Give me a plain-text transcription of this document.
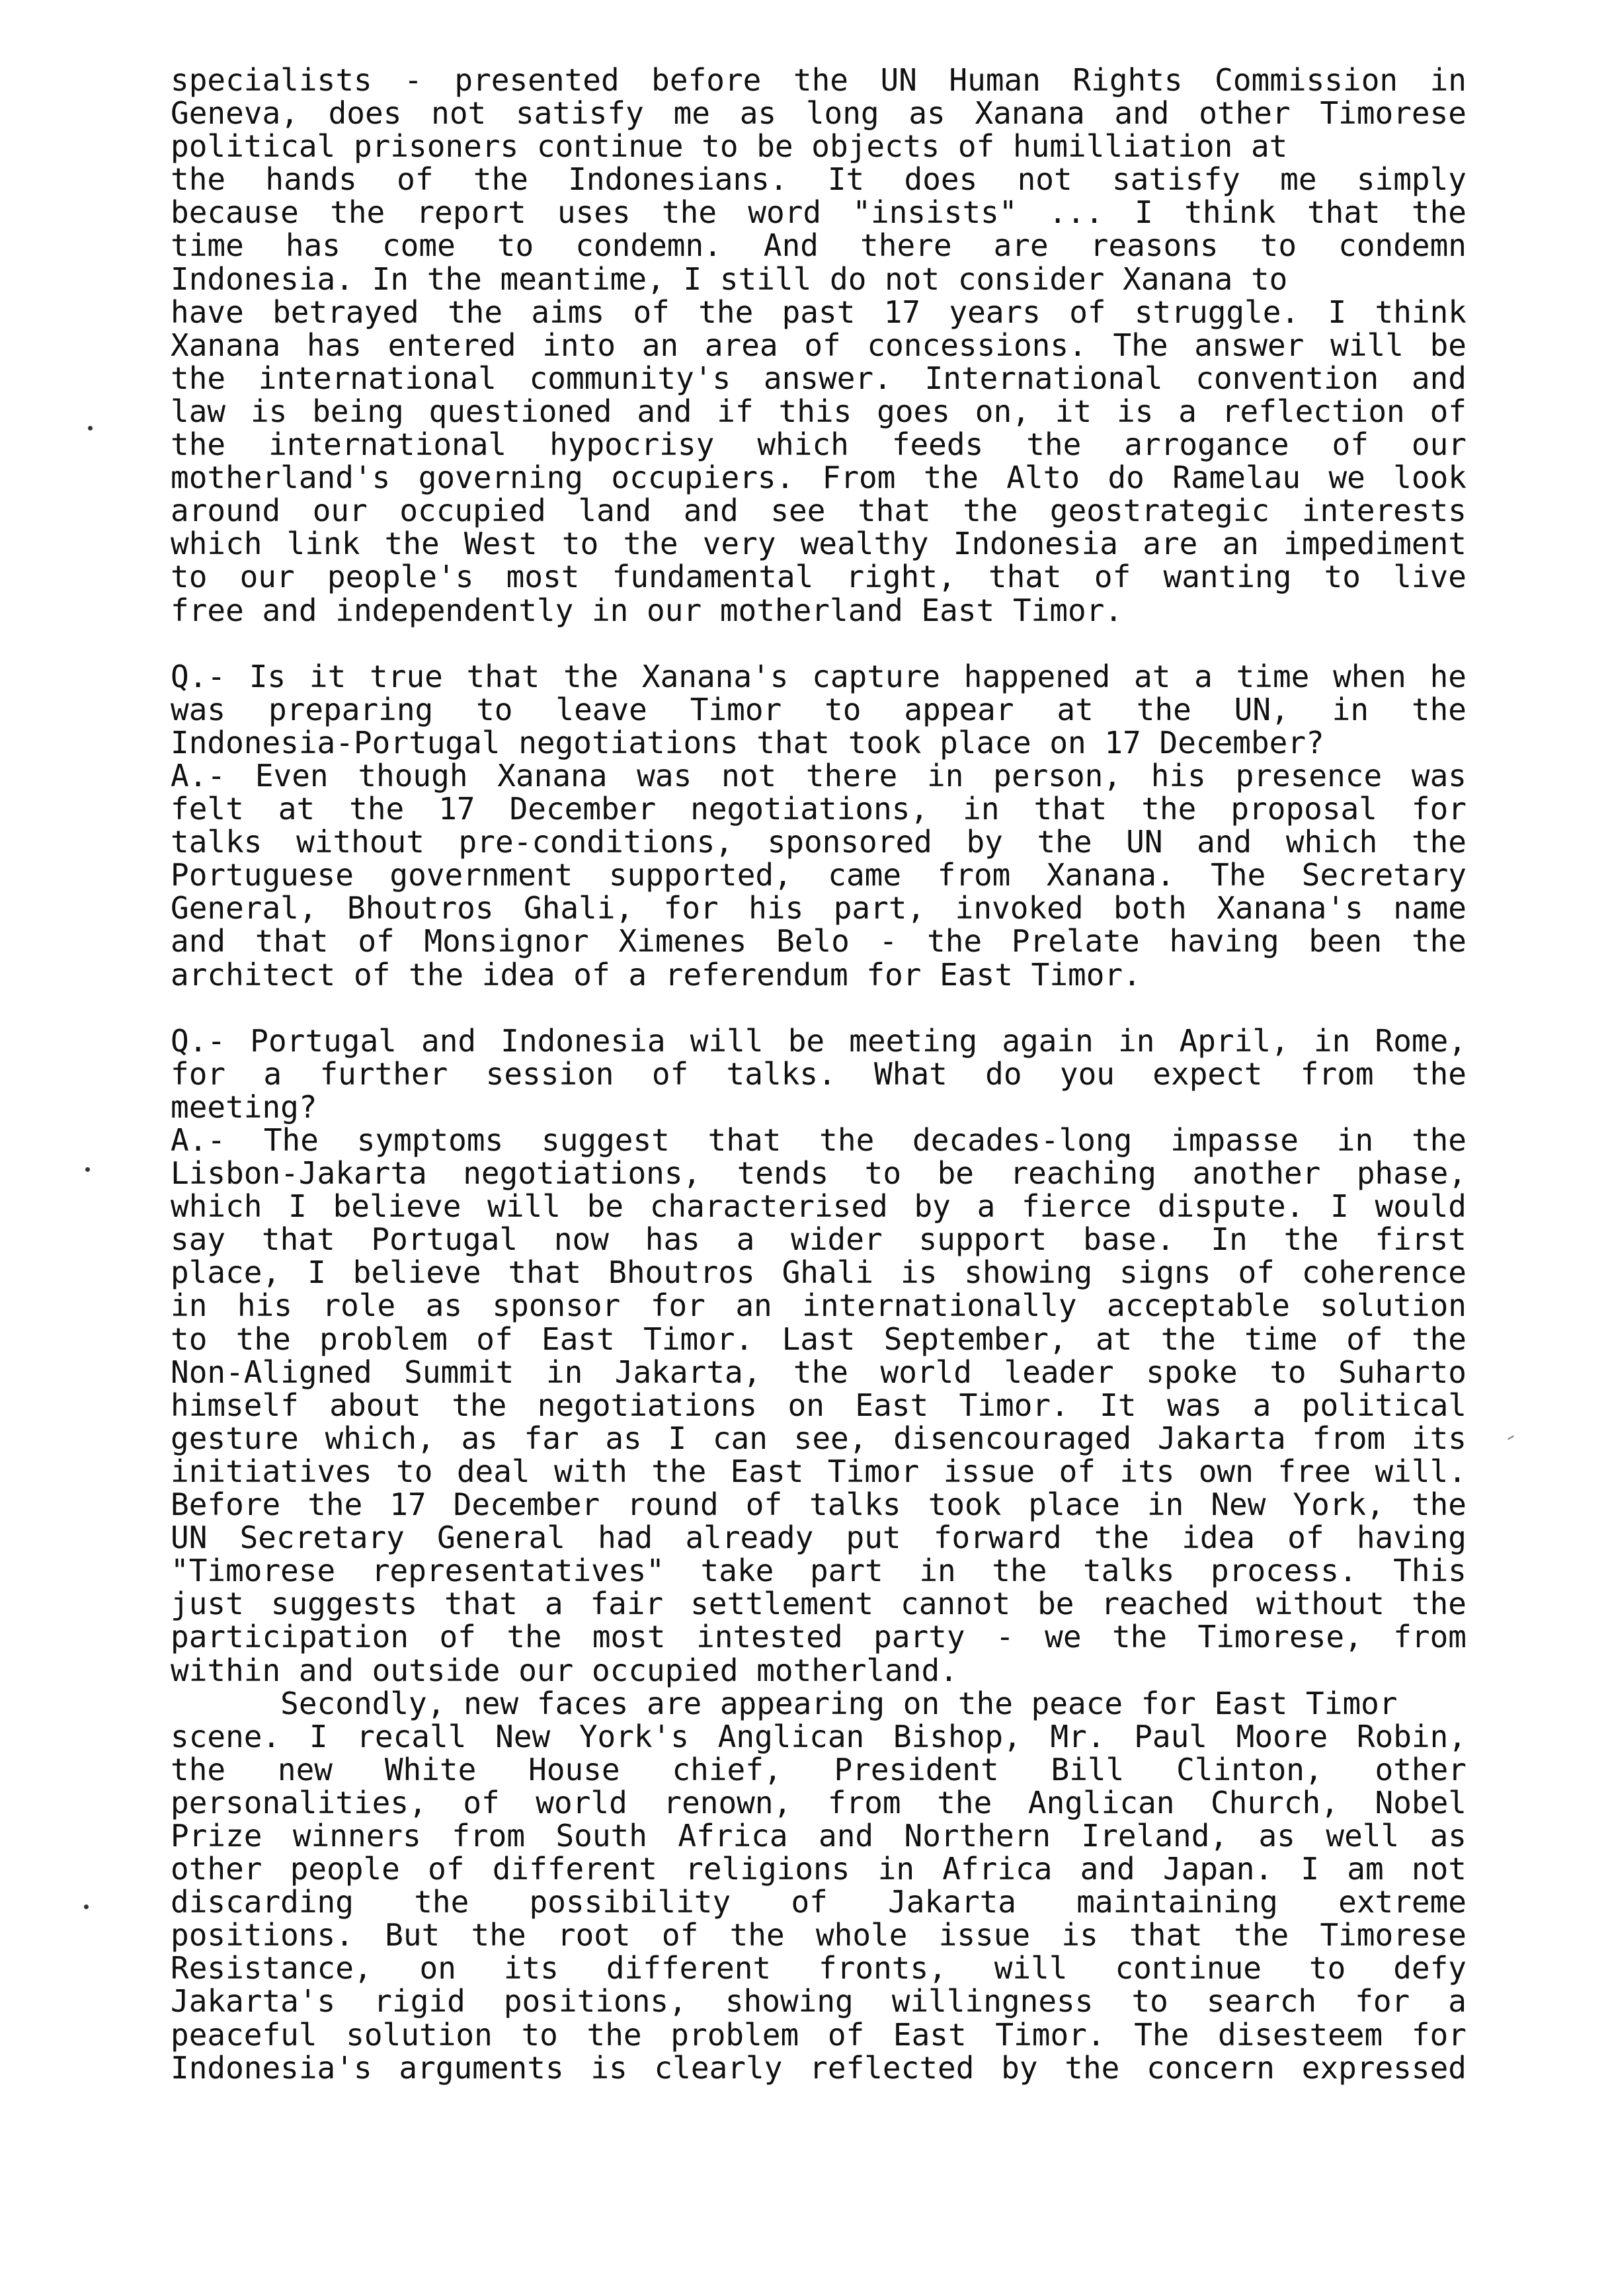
specialists - presented before the UN Human Rights Commission in
Geneva, does not satisfy me as long as Xanana and other Timorese
political prisoners continue to be objects of humilliation at
the hands of the Indonesians. It does not satisfy me simply
because the report uses the word "insists" ... I think that the
time has come to condemn. And there are reasons to condemn
Indonesia. In the meantime, I still do not consider Xanana to
have betrayed the aims of the past 17 years of struggle. I think
Xanana has entered into an area of concessions. The answer will be
the international community's answer. International convention and
law is being questioned and if this goes on, it is a reflection of
the international hypocrisy which feeds the arrogance of our
motherland's governing occupiers. From the Alto do Ramelau we look
around our occupied land and see that the geostrategic interests
which link the West to the very wealthy Indonesia are an impediment
to our people's most fundamental right, that of wanting to live
free and independently in our motherland East Timor.
Q.- Is it true that the Xanana's capture happened at a time when he
was preparing to leave Timor to appear at the UN, in the
Indonesia-Portugal negotiations that took place on 17 December?
A.- Even though Xanana was not there in person, his presence was
felt at the 17 December negotiations, in that the proposal for
talks without pre-conditions, sponsored by the UN and which the
Portuguese government supported, came from Xanana. The Secretary
General, Bhoutros Ghali, for his part, invoked both Xanana's name
and that of Monsignor Ximenes Belo - the Prelate having been the
architect of the idea of a referendum for East Timor.
Q.- Portugal and Indonesia will be meeting again in April, in Rome,
for a further session of talks. What do you expect from the
meeting?
A.- The symptoms suggest that the decades-long impasse in the
Lisbon-Jakarta negotiations, tends to be reaching another phase,
which I believe will be characterised by a fierce dispute. I would
say that Portugal now has a wider support base. In the first
place, I believe that Bhoutros Ghali is showing signs of coherence
in his role as sponsor for an internationally acceptable solution
to the problem of East Timor. Last September, at the time of the
Non-Aligned Summit in Jakarta, the world leader spoke to Suharto
himself about the negotiations on East Timor. It was a political
gesture which, as far as I can see, disencouraged Jakarta from its
initiatives to deal with the East Timor issue of its own free will.
Before the 17 December round of talks took place in New York, the
UN Secretary General had already put forward the idea of having
"Timorese representatives" take part in the talks process. This
just suggests that a fair settlement cannot be reached without the
participation of the most intested party - we the Timorese, from
within and outside our occupied motherland.
Secondly, new faces are appearing on the peace for East Timor
scene. I recall New York's Anglican Bishop, Mr. Paul Moore Robin,
the new White House chief, President Bill Clinton, other
personalities, of world renown, from the Anglican Church, Nobel
Prize winners from South Africa and Northern Ireland, as well as
other people of different religions in Africa and Japan. I am not
discarding the possibility of Jakarta maintaining extreme
positions. But the root of the whole issue is that the Timorese
Resistance, on its different fronts, will continue to defy
Jakarta's rigid positions, showing willingness to search for a
peaceful solution to the problem of East Timor. The disesteem for
Indonesia's arguments is clearly reflected by the concern expressed
